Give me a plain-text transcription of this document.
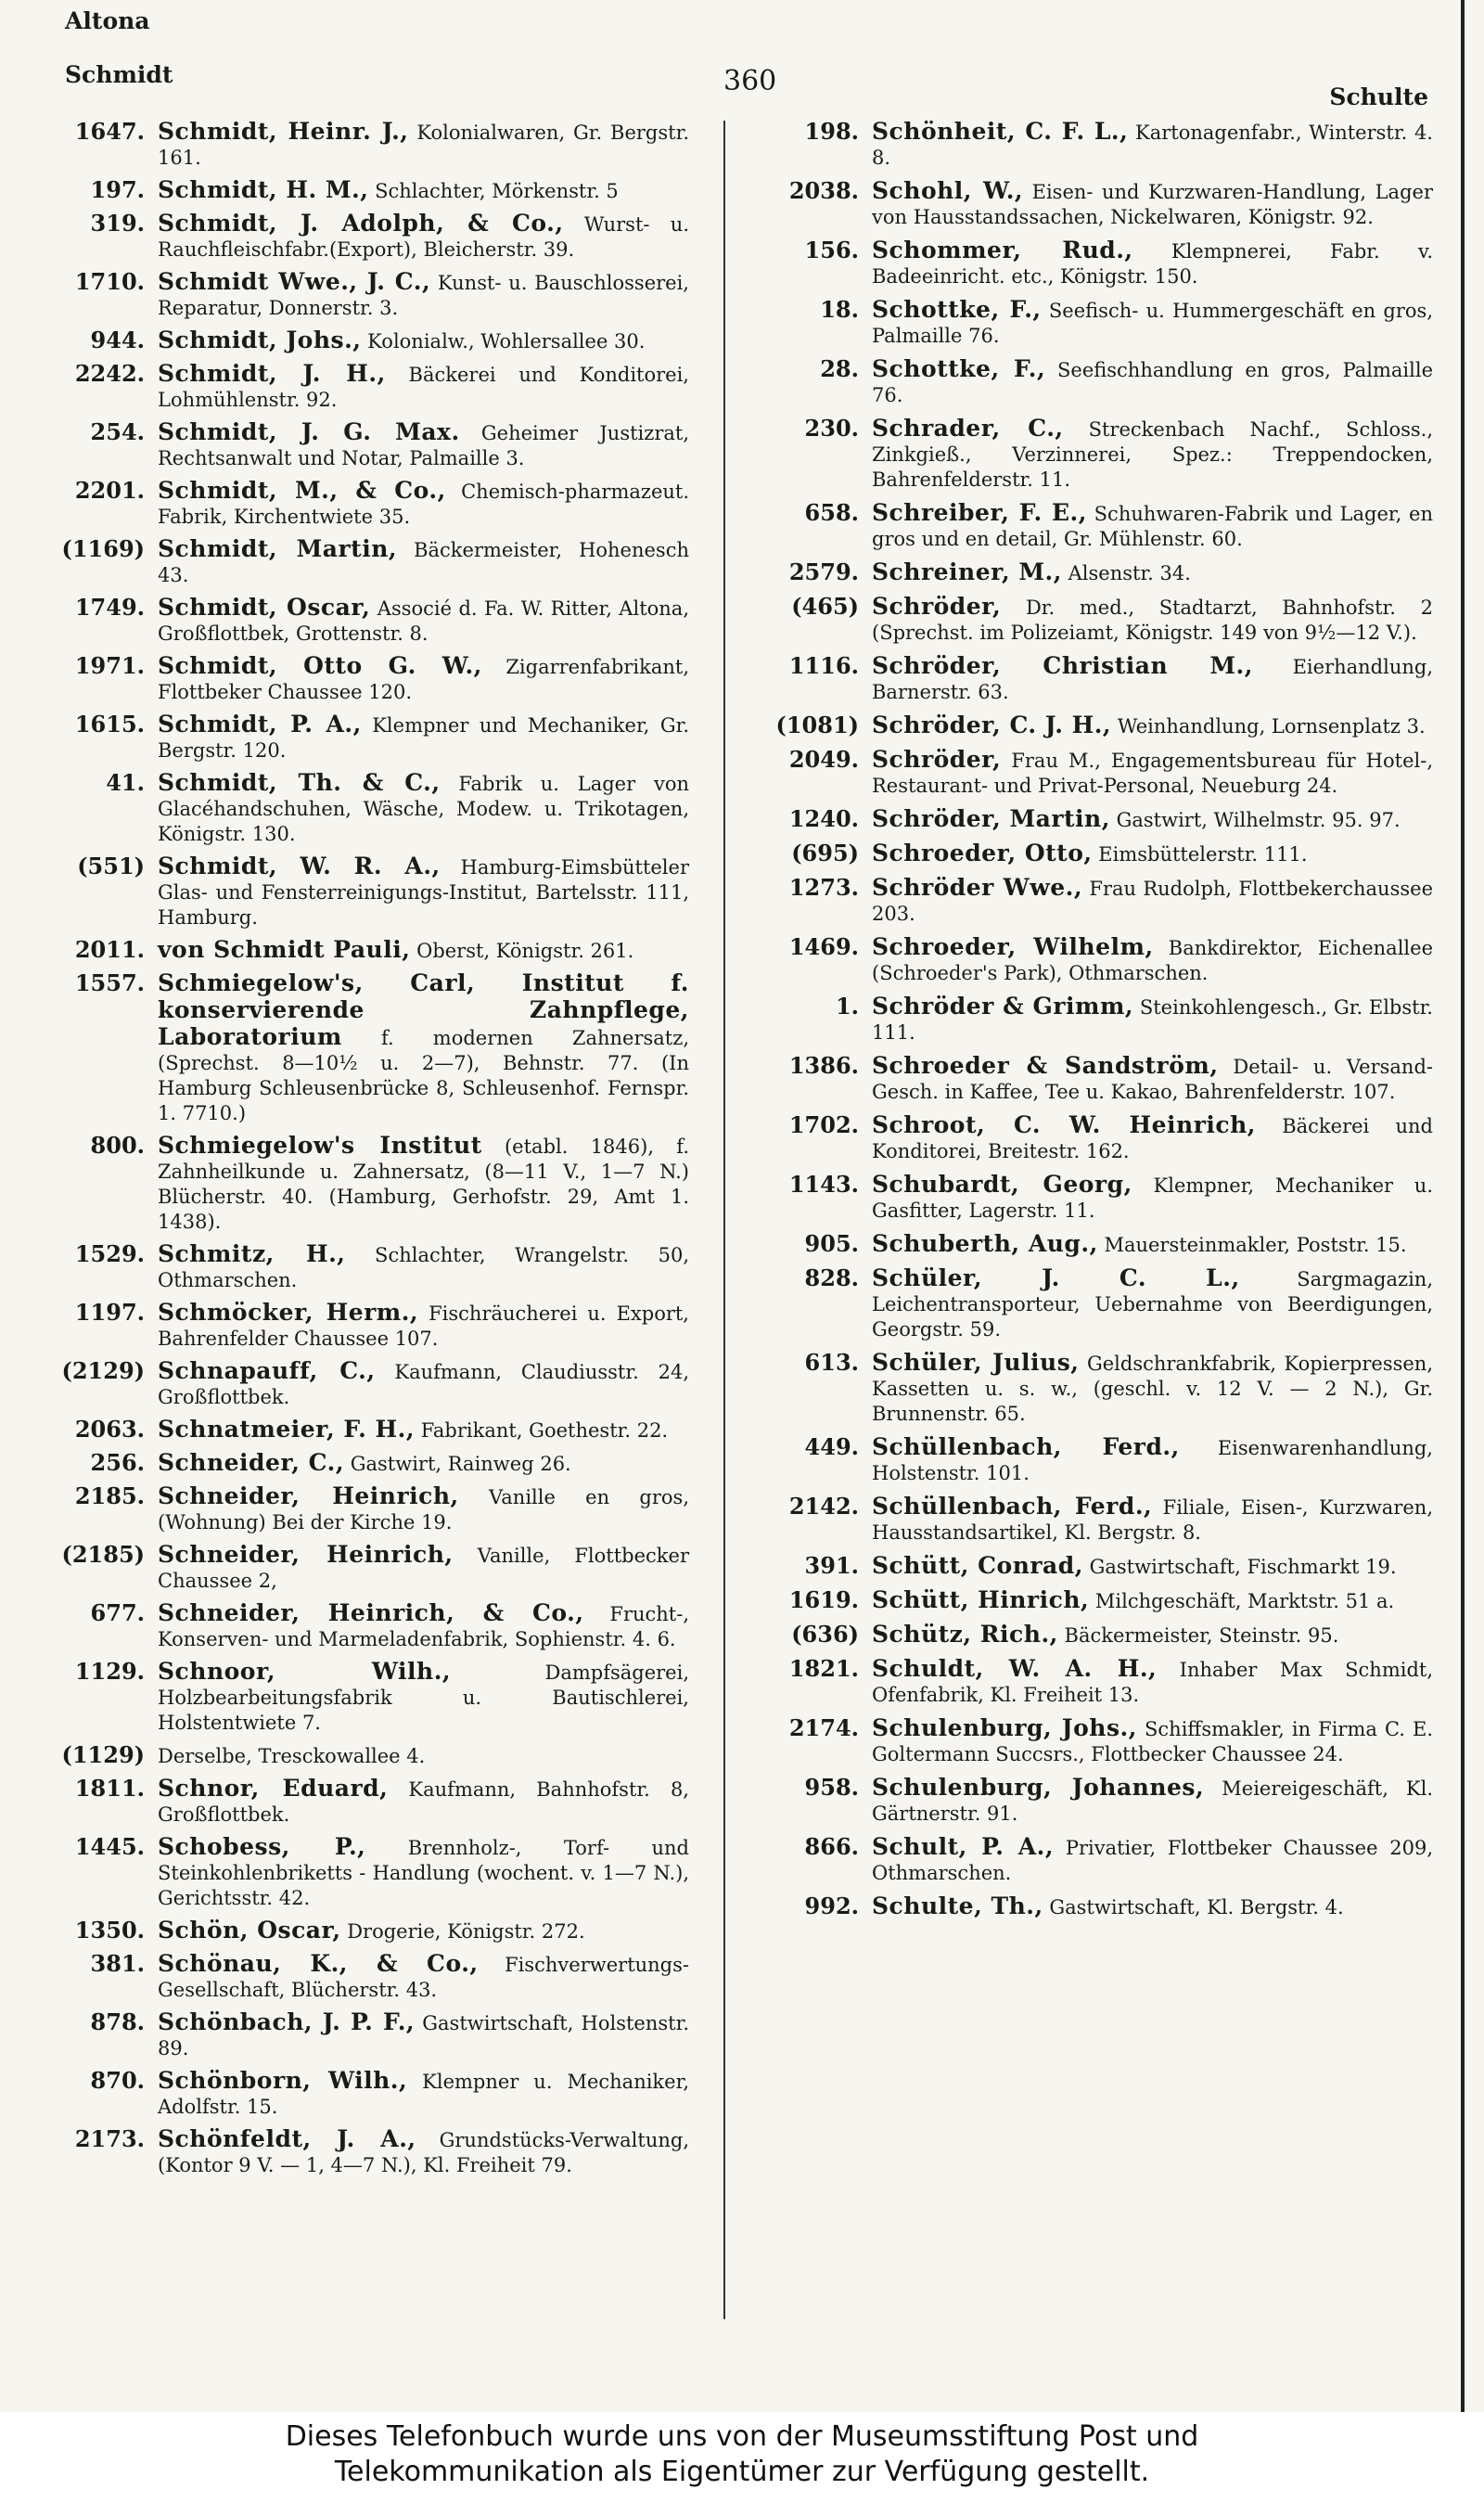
Altona
Schmidt	360	Schulte
1647. Schmidt, Heinr. J., Kolonialwaren, Gr. Bergstr. 161.
197. Schmidt, H. M., Schlachter, Mörkenstr. 5
319. Schmidt, J. Adolph, & Co., Wurst- u. Rauchfleischfabr.(Export), Bleicherstr. 39.
1710. Schmidt Wwe., J. C., Kunst- u. Bauschlosserei, Reparatur, Donnerstr. 3.
944. Schmidt, Johs., Kolonialw., Wohlersallee 30.
2242. Schmidt, J. H., Bäckerei und Konditorei, Lohmühlenstr. 92.
254. Schmidt, J. G. Max. Geheimer Justizrat, Rechtsanwalt und Notar, Palmaille 3.
2201. Schmidt, M., & Co., Chemisch-pharmazeut. Fabrik, Kirchentwiete 35.
(1169) Schmidt, Martin, Bäckermeister, Hohenesch 43.
1749. Schmidt, Oscar, Associé d. Fa. W. Ritter, Altona, Großflottbek, Grottenstr. 8.
1971. Schmidt, Otto G. W., Zigarrenfabrikant, Flottbeker Chaussee 120.
1615. Schmidt, P. A., Klempner und Mechaniker, Gr. Bergstr. 120.
41. Schmidt, Th. & C., Fabrik u. Lager von Glacéhandschuhen, Wäsche, Modew. u. Trikotagen, Königstr. 130.
(551) Schmidt, W. R. A., Hamburg-Eimsbütteler Glas- und Fensterreinigungs-Institut, Bartelsstr. 111, Hamburg.
2011. von Schmidt Pauli, Oberst, Königstr. 261.
1557. Schmiegelow's, Carl, Institut f. konservierende Zahnpflege, Laboratorium f. modernen Zahnersatz, (Sprechst. 8—10½ u. 2—7), Behnstr. 77. (In Hamburg Schleusenbrücke 8, Schleusenhof. Fernspr. 1. 7710.)
800. Schmiegelow's Institut (etabl. 1846), f. Zahnheilkunde u. Zahnersatz, (8—11 V., 1—7 N.) Blücherstr. 40. (Hamburg, Gerhofstr. 29, Amt 1. 1438).
1529. Schmitz, H., Schlachter, Wrangelstr. 50, Othmarschen.
1197. Schmöcker, Herm., Fischräucherei u. Export, Bahrenfelder Chaussee 107.
(2129) Schnapauff, C., Kaufmann, Claudiusstr. 24, Großflottbek.
2063. Schnatmeier, F. H., Fabrikant, Goethestr. 22.
256. Schneider, C., Gastwirt, Rainweg 26.
2185. Schneider, Heinrich, Vanille en gros, (Wohnung) Bei der Kirche 19.
(2185) Schneider, Heinrich, Vanille, Flottbecker Chaussee 2,
677. Schneider, Heinrich, & Co., Frucht-, Konserven- und Marmeladenfabrik, Sophienstr. 4. 6.
1129. Schnoor, Wilh., Dampfsägerei, Holzbearbeitungsfabrik u. Bautischlerei, Holstentwiete 7.
(1129) Derselbe, Tresckowallee 4.
1811. Schnor, Eduard, Kaufmann, Bahnhofstr. 8, Großflottbek.
1445. Schobess, P., Brennholz-, Torf- und Steinkohlenbriketts - Handlung (wochent. v. 1—7 N.), Gerichtsstr. 42.
1350. Schön, Oscar, Drogerie, Königstr. 272.
381. Schönau, K., & Co., Fischverwertungs-Gesellschaft, Blücherstr. 43.
878. Schönbach, J. P. F., Gastwirtschaft, Holstenstr. 89.
870. Schönborn, Wilh., Klempner u. Mechaniker, Adolfstr. 15.
2173. Schönfeldt, J. A., Grundstücks-Verwaltung, (Kontor 9 V. — 1, 4—7 N.), Kl. Freiheit 79.
198. Schönheit, C. F. L., Kartonagenfabr., Winterstr. 4. 8.
2038. Schohl, W., Eisen- und Kurzwaren-Handlung, Lager von Hausstandssachen, Nickelwaren, Königstr. 92.
156. Schommer, Rud., Klempnerei, Fabr. v. Badeeinricht. etc., Königstr. 150.
18. Schottke, F., Seefisch- u. Hummergeschäft en gros, Palmaille 76.
28. Schottke, F., Seefischhandlung en gros, Palmaille 76.
230. Schrader, C., Streckenbach Nachf., Schloss., Zinkgieß., Verzinnerei, Spez.: Treppendocken, Bahrenfelderstr. 11.
658. Schreiber, F. E., Schuhwaren-Fabrik und Lager, en gros und en detail, Gr. Mühlenstr. 60.
2579. Schreiner, M., Alsenstr. 34.
(465) Schröder, Dr. med., Stadtarzt, Bahnhofstr. 2 (Sprechst. im Polizeiamt, Königstr. 149 von 9½—12 V.).
1116. Schröder, Christian M., Eierhandlung, Barnerstr. 63.
(1081) Schröder, C. J. H., Weinhandlung, Lornsenplatz 3.
2049. Schröder, Frau M., Engagementsbureau für Hotel-, Restaurant- und Privat-Personal, Neueburg 24.
1240. Schröder, Martin, Gastwirt, Wilhelmstr. 95. 97.
(695) Schroeder, Otto, Eimsbüttelerstr. 111.
1273. Schröder Wwe., Frau Rudolph, Flottbekerchaussee 203.
1469. Schroeder, Wilhelm, Bankdirektor, Eichenallee (Schroeder's Park), Othmarschen.
1. Schröder & Grimm, Steinkohlengesch., Gr. Elbstr. 111.
1386. Schroeder & Sandström, Detail- u. Versand-Gesch. in Kaffee, Tee u. Kakao, Bahrenfelderstr. 107.
1702. Schroot, C. W. Heinrich, Bäckerei und Konditorei, Breitestr. 162.
1143. Schubardt, Georg, Klempner, Mechaniker u. Gasfitter, Lagerstr. 11.
905. Schuberth, Aug., Mauersteinmakler, Poststr. 15.
828. Schüler, J. C. L., Sargmagazin, Leichentransporteur, Uebernahme von Beerdigungen, Georgstr. 59.
613. Schüler, Julius, Geldschrankfabrik, Kopierpressen, Kassetten u. s. w., (geschl. v. 12 V. — 2 N.), Gr. Brunnenstr. 65.
449. Schüllenbach, Ferd., Eisenwarenhandlung, Holstenstr. 101.
2142. Schüllenbach, Ferd., Filiale, Eisen-, Kurzwaren, Hausstandsartikel, Kl. Bergstr. 8.
391. Schütt, Conrad, Gastwirtschaft, Fischmarkt 19.
1619. Schütt, Hinrich, Milchgeschäft, Marktstr. 51 a.
(636) Schütz, Rich., Bäckermeister, Steinstr. 95.
1821. Schuldt, W. A. H., Inhaber Max Schmidt, Ofenfabrik, Kl. Freiheit 13.
2174. Schulenburg, Johs., Schiffsmakler, in Firma C. E. Goltermann Succsrs., Flottbecker Chaussee 24.
958. Schulenburg, Johannes, Meiereigeschäft, Kl. Gärtnerstr. 91.
866. Schult, P. A., Privatier, Flottbeker Chaussee 209, Othmarschen.
992. Schulte, Th., Gastwirtschaft, Kl. Bergstr. 4.
Dieses Telefonbuch wurde uns von der Museumsstiftung Post und
Telekommunikation als Eigentümer zur Verfügung gestellt.
